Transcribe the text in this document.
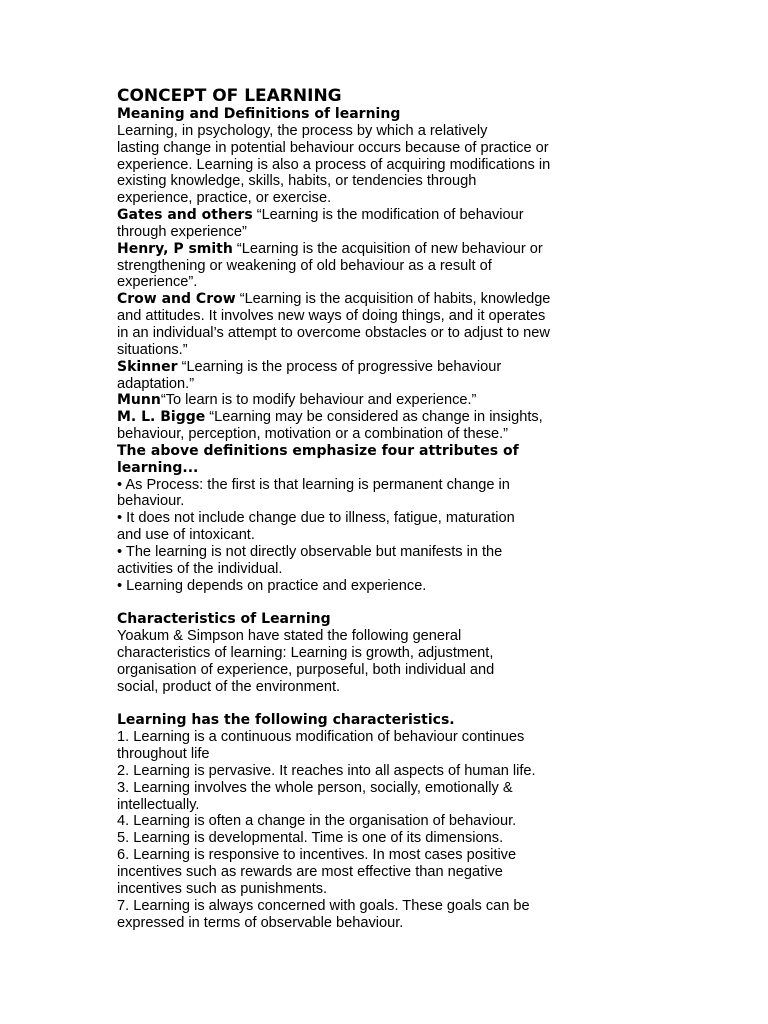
CONCEPT OF LEARNING
Meaning and Definitions of learning
Learning, in psychology, the process by which a relatively
lasting change in potential behaviour occurs because of practice or
experience. Learning is also a process of acquiring modifications in
existing knowledge, skills, habits, or tendencies through
experience, practice, or exercise.
Gates and others “Learning is the modification of behaviour
through experience”
Henry, P smith “Learning is the acquisition of new behaviour or
strengthening or weakening of old behaviour as a result of
experience”.
Crow and Crow “Learning is the acquisition of habits, knowledge
and attitudes. It involves new ways of doing things, and it operates
in an individual’s attempt to overcome obstacles or to adjust to new
situations.”
Skinner “Learning is the process of progressive behaviour
adaptation.”
Munn“To learn is to modify behaviour and experience.”
M. L. Bigge “Learning may be considered as change in insights,
behaviour, perception, motivation or a combination of these.”
The above definitions emphasize four attributes of
learning...
• As Process: the first is that learning is permanent change in
behaviour.
• It does not include change due to illness, fatigue, maturation
and use of intoxicant.
• The learning is not directly observable but manifests in the
activities of the individual.
• Learning depends on practice and experience.
Characteristics of Learning
Yoakum & Simpson have stated the following general
characteristics of learning: Learning is growth, adjustment,
organisation of experience, purposeful, both individual and
social, product of the environment.
Learning has the following characteristics.
1. Learning is a continuous modification of behaviour continues
throughout life
2. Learning is pervasive. It reaches into all aspects of human life.
3. Learning involves the whole person, socially, emotionally &
intellectually.
4. Learning is often a change in the organisation of behaviour.
5. Learning is developmental. Time is one of its dimensions.
6. Learning is responsive to incentives. In most cases positive
incentives such as rewards are most effective than negative
incentives such as punishments.
7. Learning is always concerned with goals. These goals can be
expressed in terms of observable behaviour.
